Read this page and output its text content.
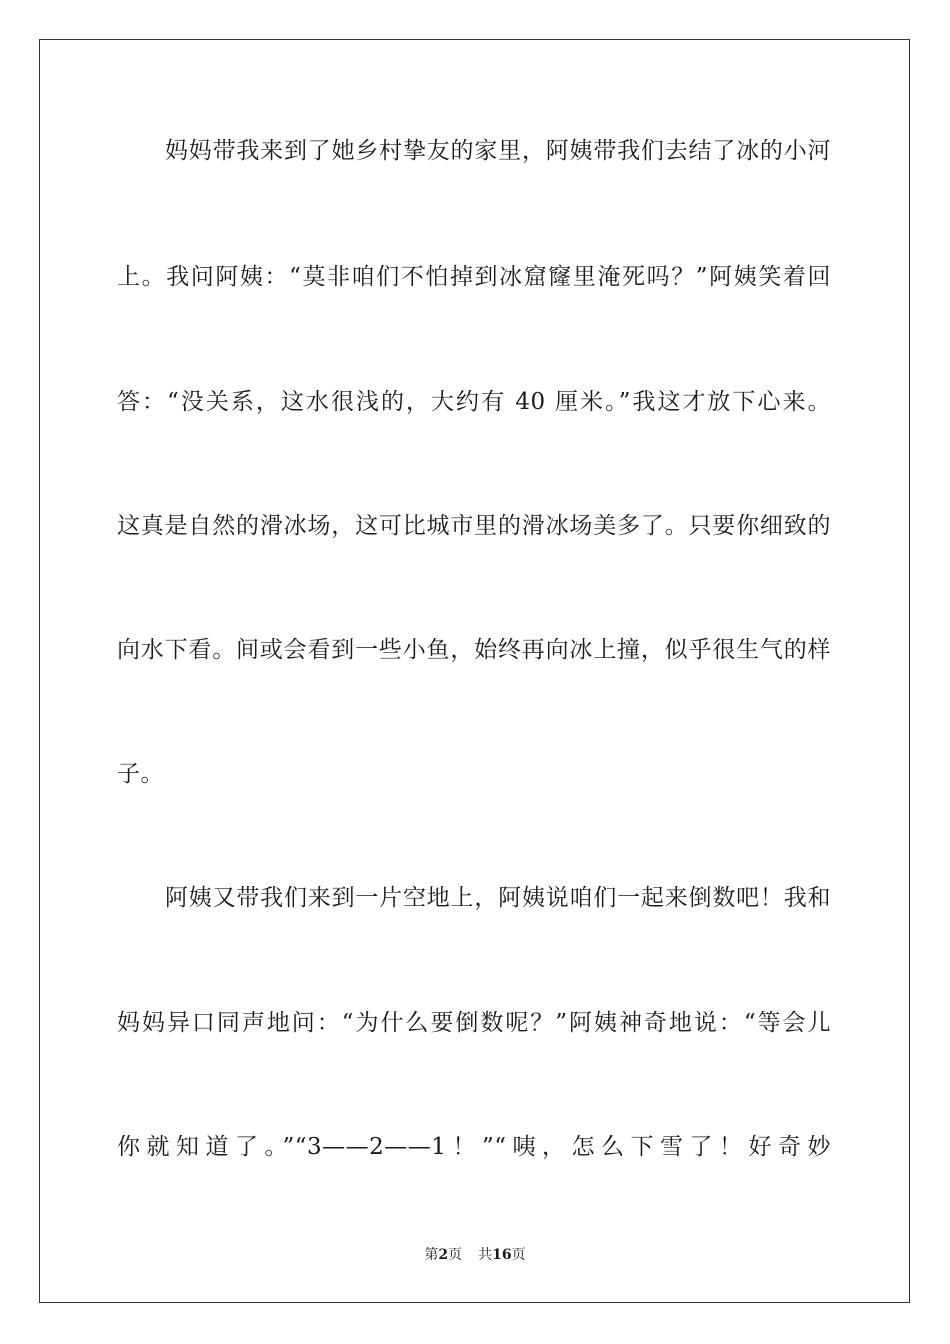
妈妈带我来到了她乡村挚友的家里，阿姨带我们去结了冰的小河
上。我问阿姨：“莫非咱们不怕掉到冰窟窿里淹死吗？”阿姨笑着回
答：“没关系，这水很浅的，大约有 40 厘米。”我这才放下心来。
这真是自然的滑冰场，这可比城市里的滑冰场美多了。只要你细致的
向水下看。间或会看到一些小鱼，始终再向冰上撞，似乎很生气的样
子。
阿姨又带我们来到一片空地上，阿姨说咱们一起来倒数吧！我和
妈妈异口同声地问：“为什么要倒数呢？”阿姨神奇地说：“等会儿
你就知道了。”“3——2——1！”“咦，怎么下雪了！好奇妙
第2页 共16页
